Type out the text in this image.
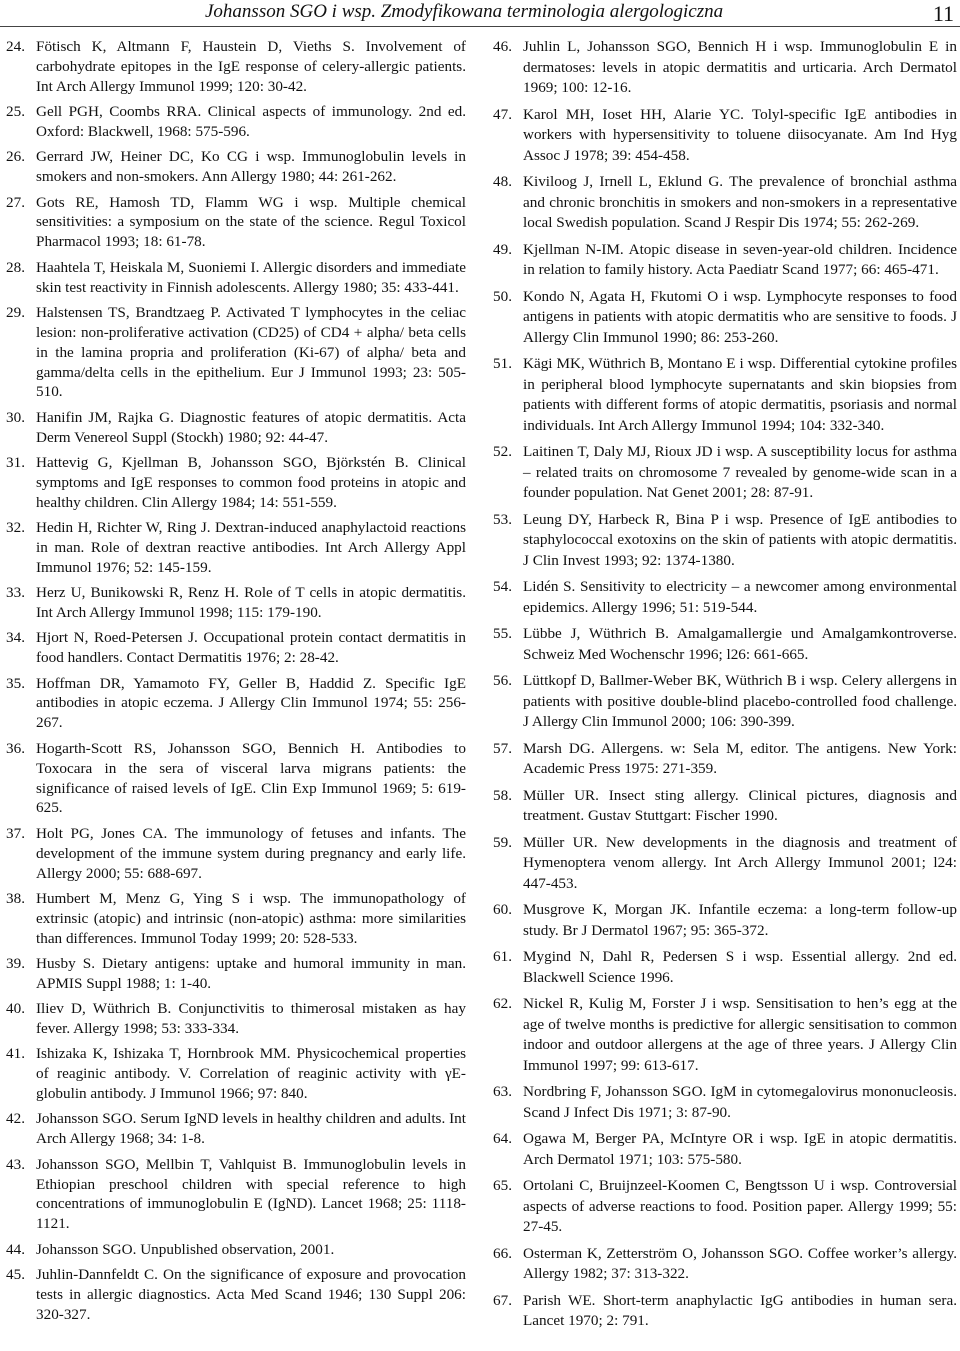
Johansson SGO i wsp. Zmodyfikowana terminologia alergologiczna	11
24. Fötisch K, Altmann F, Haustein D, Vieths S. Involvement of carbohydrate epitopes in the IgE response of celery-allergic patients. Int Arch Allergy Immunol 1999; 120: 30-42.
25. Gell PGH, Coombs RRA. Clinical aspects of immunology. 2nd ed. Oxford: Blackwell, 1968: 575-596.
26. Gerrard JW, Heiner DC, Ko CG i wsp. Immunoglobulin levels in smokers and non-smokers. Ann Allergy 1980; 44: 261-262.
27. Gots RE, Hamosh TD, Flamm WG i wsp. Multiple chemical sensitivities: a symposium on the state of the science. Regul Toxicol Pharmacol 1993; 18: 61-78.
28. Haahtela T, Heiskala M, Suoniemi I. Allergic disorders and immediate skin test reactivity in Finnish adolescents. Allergy 1980; 35: 433-441.
29. Halstensen TS, Brandtzaeg P. Activated T lymphocytes in the celiac lesion: non-proliferative activation (CD25) of CD4 + alpha/ beta cells in the lamina propria and proliferation (Ki-67) of alpha/ beta and gamma/delta cells in the epithelium. Eur J Immunol 1993; 23: 505-510.
30. Hanifin JM, Rajka G. Diagnostic features of atopic dermatitis. Acta Derm Venereol Suppl (Stockh) 1980; 92: 44-47.
31. Hattevig G, Kjellman B, Johansson SGO, Björkstén B. Clinical symptoms and IgE responses to common food proteins in atopic and healthy children. Clin Allergy 1984; 14: 551-559.
32. Hedin H, Richter W, Ring J. Dextran-induced anaphylactoid reactions in man. Role of dextran reactive antibodies. Int Arch Allergy Appl Immunol 1976; 52: 145-159.
33. Herz U, Bunikowski R, Renz H. Role of T cells in atopic dermatitis. Int Arch Allergy Immunol 1998; 115: 179-190.
34. Hjort N, Roed-Petersen J. Occupational protein contact dermatitis in food handlers. Contact Dermatitis 1976; 2: 28-42.
35. Hoffman DR, Yamamoto FY, Geller B, Haddid Z. Specific IgE antibodies in atopic eczema. J Allergy Clin Immunol 1974; 55: 256-267.
36. Hogarth-Scott RS, Johansson SGO, Bennich H. Antibodies to Toxocara in the sera of visceral larva migrans patients: the significance of raised levels of IgE. Clin Exp Immunol 1969; 5: 619-625.
37. Holt PG, Jones CA. The immunology of fetuses and infants. The development of the immune system during pregnancy and early life. Allergy 2000; 55: 688-697.
38. Humbert M, Menz G, Ying S i wsp. The immunopathology of extrinsic (atopic) and intrinsic (non-atopic) asthma: more similarities than differences. Immunol Today 1999; 20: 528-533.
39. Husby S. Dietary antigens: uptake and humoral immunity in man. APMIS Suppl 1988; 1: 1-40.
40. Iliev D, Wüthrich B. Conjunctivitis to thimerosal mistaken as hay fever. Allergy 1998; 53: 333-334.
41. Ishizaka K, Ishizaka T, Hornbrook MM. Physicochemical properties of reaginic antibody. V. Correlation of reaginic activity with γE-globulin antibody. J Immunol 1966; 97: 840.
42. Johansson SGO. Serum IgND levels in healthy children and adults. Int Arch Allergy 1968; 34: 1-8.
43. Johansson SGO, Mellbin T, Vahlquist B. Immunoglobulin levels in Ethiopian preschool children with special reference to high concentrations of immunoglobulin E (IgND). Lancet 1968; 25: 1118-1121.
44. Johansson SGO. Unpublished observation, 2001.
45. Juhlin-Dannfeldt C. On the significance of exposure and provocation tests in allergic diagnostics. Acta Med Scand 1946; 130 Suppl 206: 320-327.
46. Juhlin L, Johansson SGO, Bennich H i wsp. Immunoglobulin E in dermatoses: levels in atopic dermatitis and urticaria. Arch Dermatol 1969; 100: 12-16.
47. Karol MH, Ioset HH, Alarie YC. Tolyl-specific IgE antibodies in workers with hypersensitivity to toluene diisocyanate. Am Ind Hyg Assoc J 1978; 39: 454-458.
48. Kiviloog J, Irnell L, Eklund G. The prevalence of bronchial asthma and chronic bronchitis in smokers and non-smokers in a representative local Swedish population. Scand J Respir Dis 1974; 55: 262-269.
49. Kjellman N-IM. Atopic disease in seven-year-old children. Incidence in relation to family history. Acta Paediatr Scand 1977; 66: 465-471.
50. Kondo N, Agata H, Fkutomi O i wsp. Lymphocyte responses to food antigens in patients with atopic dermatitis who are sensitive to foods. J Allergy Clin Immunol 1990; 86: 253-260.
51. Kägi MK, Wüthrich B, Montano E i wsp. Differential cytokine profiles in peripheral blood lymphocyte supernatants and skin biopsies from patients with different forms of atopic dermatitis, psoriasis and normal individuals. Int Arch Allergy Immunol 1994; 104: 332-340.
52. Laitinen T, Daly MJ, Rioux JD i wsp. A susceptibility locus for asthma – related traits on chromosome 7 revealed by genome-wide scan in a founder population. Nat Genet 2001; 28: 87-91.
53. Leung DY, Harbeck R, Bina P i wsp. Presence of IgE antibodies to staphylococcal exotoxins on the skin of patients with atopic dermatitis. J Clin Invest 1993; 92: 1374-1380.
54. Lidén S. Sensitivity to electricity – a newcomer among environmental epidemics. Allergy 1996; 51: 519-544.
55. Lübbe J, Wüthrich B. Amalgamallergie und Amalgamkontroverse. Schweiz Med Wochenschr 1996; l26: 661-665.
56. Lüttkopf D, Ballmer-Weber BK, Wüthrich B i wsp. Celery allergens in patients with positive double-blind placebo-controlled food challenge. J Allergy Clin Immunol 2000; 106: 390-399.
57. Marsh DG. Allergens. w: Sela M, editor. The antigens. New York: Academic Press 1975: 271-359.
58. Müller UR. Insect sting allergy. Clinical pictures, diagnosis and treatment. Gustav Stuttgart: Fischer 1990.
59. Müller UR. New developments in the diagnosis and treatment of Hymenoptera venom allergy. Int Arch Allergy Immunol 2001; l24: 447-453.
60. Musgrove K, Morgan JK. Infantile eczema: a long-term follow-up study. Br J Dermatol 1967; 95: 365-372.
61. Mygind N, Dahl R, Pedersen S i wsp. Essential allergy. 2nd ed. Blackwell Science 1996.
62. Nickel R, Kulig M, Forster J i wsp. Sensitisation to hen’s egg at the age of twelve months is predictive for allergic sensitisation to common indoor and outdoor allergens at the age of three years. J Allergy Clin Immunol 1997; 99: 613-617.
63. Nordbring F, Johansson SGO. IgM in cytomegalovirus mononucleosis. Scand J Infect Dis 1971; 3: 87-90.
64. Ogawa M, Berger PA, McIntyre OR i wsp. IgE in atopic dermatitis. Arch Dermatol 1971; 103: 575-580.
65. Ortolani C, Bruijnzeel-Koomen C, Bengtsson U i wsp. Controversial aspects of adverse reactions to food. Position paper. Allergy 1999; 55: 27-45.
66. Osterman K, Zetterström O, Johansson SGO. Coffee worker’s allergy. Allergy 1982; 37: 313-322.
67. Parish WE. Short-term anaphylactic IgG antibodies in human sera. Lancet 1970; 2: 791.
